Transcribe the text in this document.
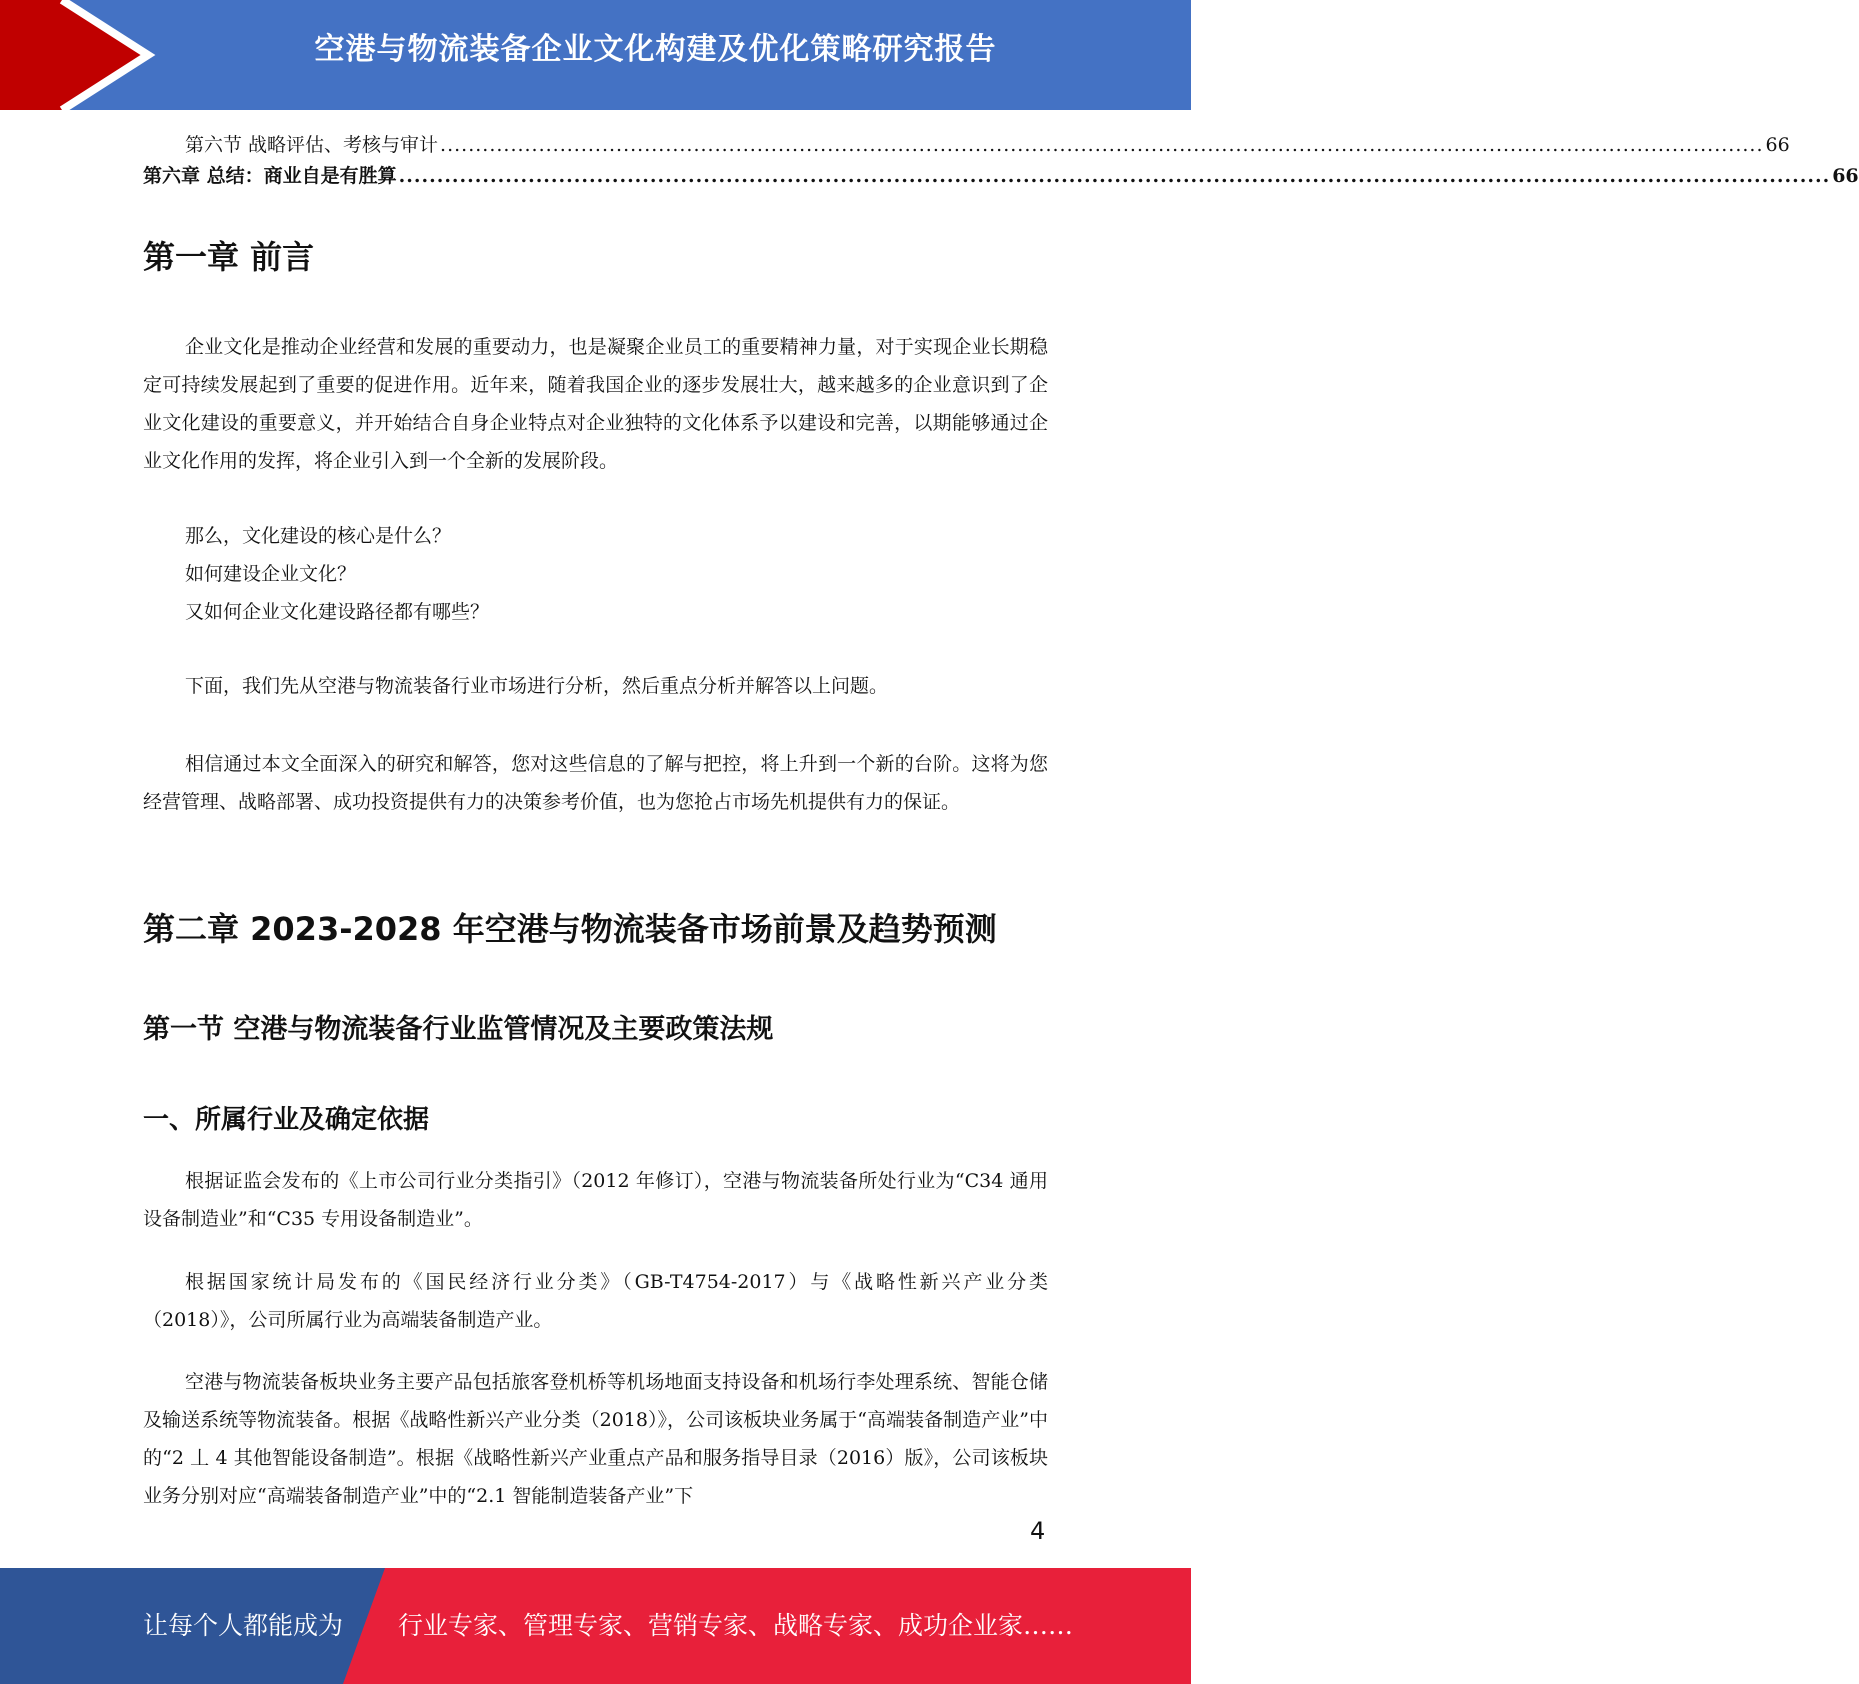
空港与物流装备企业文化构建及优化策略研究报告
第六节 战略评估、考核与审计 ............................................................................................................................................................................................ 66
第六章 总结：商业自是有胜算 ............................................................................................................................................................................................ 66
第一章 前言

企业文化是推动企业经营和发展的重要动力，也是凝聚企业员工的重要精神力量，对于实现企业长期稳定可持续发展起到了重要的促进作用。近年来，随着我国企业的逐步发展壮大，越来越多的企业意识到了企业文化建设的重要意义，并开始结合自身企业特点对企业独特的文化体系予以建设和完善，以期能够通过企业文化作用的发挥，将企业引入到一个全新的发展阶段。

那么，文化建设的核心是什么？

如何建设企业文化？

又如何企业文化建设路径都有哪些？

下面，我们先从空港与物流装备行业市场进行分析，然后重点分析并解答以上问题。

相信通过本文全面深入的研究和解答，您对这些信息的了解与把控，将上升到一个新的台阶。这将为您经营管理、战略部署、成功投资提供有力的决策参考价值，也为您抢占市场先机提供有力的保证。

第二章 2023-2028 年空港与物流装备市场前景及趋势预测
第一节 空港与物流装备行业监管情况及主要政策法规
一、所属行业及确定依据

根据证监会发布的《上市公司行业分类指引》（2012 年修订），空港与物流装备所处行业为“C34 通用设备制造业”和“C35 专用设备制造业”。

根据国家统计局发布的《国民经济行业分类》（GB-T4754-2017）与《战略性新兴产业分类（2018）》，公司所属行业为高端装备制造产业。

空港与物流装备板块业务主要产品包括旅客登机桥等机场地面支持设备和机场行李处理系统、智能仓储及输送系统等物流装备。根据《战略性新兴产业分类（2018）》，公司该板块业务属于“高端装备制造产业”中的“2 丄 4 其他智能设备制造”。根据《战略性新兴产业重点产品和服务指导目录（2016）版》，公司该板块业务分别对应“高端装备制造产业”中的“2.1 智能制造装备产业”下

4
让每个人都能成为 行业专家、管理专家、营销专家、战略专家、成功企业家……
